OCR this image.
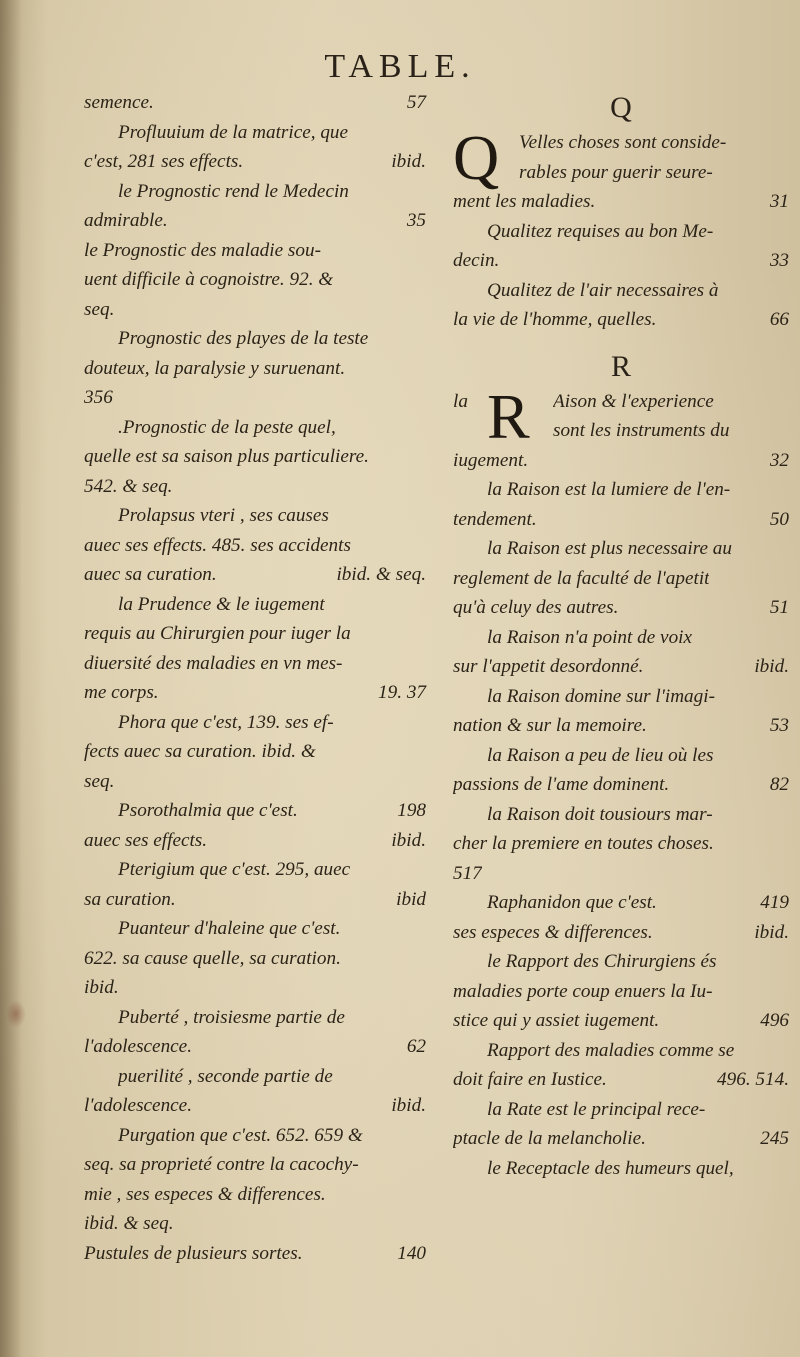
TABLE.
semence.	57
Profluuium de la matrice, que
c'est, 281 ses effects.	ibid.
le Prognostic rend le Medecin
admirable.	35
le Prognostic des maladie sou-
uent difficile à cognoistre. 92. &
seq.
Prognostic des playes de la teste
douteux, la paralysie y suruenant.
356
.Prognostic de la peste quel,
quelle est sa saison plus particuliere.
542. & seq.
Prolapsus vteri , ses causes
auec ses effects. 485. ses accidents
auec sa curation.	ibid. & seq.
la Prudence & le iugement
requis au Chirurgien pour iuger la
diuersité des maladies en vn mes-
me corps.	19. 37
Phora que c'est, 139. ses ef-
fects auec sa curation. ibid. &
seq.
Psorothalmia que c'est.	198
auec ses effects.	ibid.
Pterigium que c'est. 295, auec
sa curation.	ibid
Puanteur d'haleine que c'est.
622. sa cause quelle, sa curation.
ibid.
Puberté , troisiesme partie de
l'adolescence.	62
puerilité , seconde partie de
l'adolescence.	ibid.
Purgation que c'est. 652. 659 &
seq. sa proprieté contre la cacochy-
mie , ses especes & differences.
ibid. & seq.
Pustules de plusieurs sortes.	140
Q
Q Velles choses sont conside-
rables pour guerir seure-
ment les maladies.	31
Qualitez requises au bon Me-
decin.	33
Qualitez de l'air necessaires à
la vie de l'homme, quelles.	66
R
la R Aison & l'experience
sont les instruments du
iugement.	32
la Raison est la lumiere de l'en-
tendement.	50
la Raison est plus necessaire au
reglement de la faculté de l'apetit
qu'à celuy des autres.	51
la Raison n'a point de voix
sur l'appetit desordonné.	ibid.
la Raison domine sur l'imagi-
nation & sur la memoire.	53
la Raison a peu de lieu où les
passions de l'ame dominent.	82
la Raison doit tousiours mar-
cher la premiere en toutes choses.
517
Raphanidon que c'est.	419
ses especes & differences.	ibid.
le Rapport des Chirurgiens és
maladies porte coup enuers la Iu-
stice qui y assiet iugement.	496
Rapport des maladies comme se
doit faire en Iustice.	496. 514.
la Rate est le principal rece-
ptacle de la melancholie.	245
le Receptacle des humeurs quel,
